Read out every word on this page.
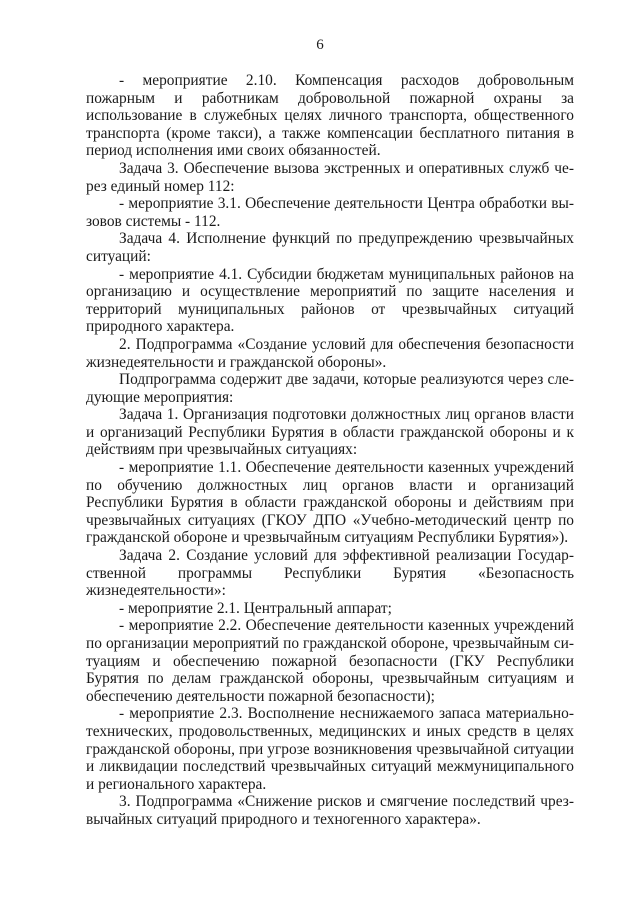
6

- мероприятие 2.10. Компенсация расходов добровольным пожарным и работникам добровольной пожарной охраны за использование в служебных целях личного транспорта, общественного транспорта (кроме такси), а также компенсации бесплатного питания в период исполнения ими своих обязанностей.

Задача 3. Обеспечение вызова экстренных и оперативных служб через единый номер 112:

- мероприятие 3.1. Обеспечение деятельности Центра обработки вызовов системы - 112.

Задача 4. Исполнение функций по предупреждению чрезвычайных ситуаций:

- мероприятие 4.1. Субсидии бюджетам муниципальных районов на организацию и осуществление мероприятий по защите населения и территорий муниципальных районов от чрезвычайных ситуаций природного характера.

2. Подпрограмма «Создание условий для обеспечения безопасности жизнедеятельности и гражданской обороны».

Подпрограмма содержит две задачи, которые реализуются через следующие мероприятия:

Задача 1. Организация подготовки должностных лиц органов власти и организаций Республики Бурятия в области гражданской обороны и к действиям при чрезвычайных ситуациях:

- мероприятие 1.1. Обеспечение деятельности казенных учреждений по обучению должностных лиц органов власти и организаций Республики Бурятия в области гражданской обороны и действиям при чрезвычайных ситуациях (ГКОУ ДПО «Учебно-методический центр по гражданской обороне и чрезвычайным ситуациям Республики Бурятия»).

Задача 2. Создание условий для эффективной реализации Государственной программы Республики Бурятия «Безопасность жизнедеятельности»:

- мероприятие 2.1. Центральный аппарат;

- мероприятие 2.2. Обеспечение деятельности казенных учреждений по организации мероприятий по гражданской обороне, чрезвычайным ситуациям и обеспечению пожарной безопасности (ГКУ Республики Бурятия по делам гражданской обороны, чрезвычайным ситуациям и обеспечению деятельности пожарной безопасности);

- мероприятие 2.3. Восполнение неснижаемого запаса материально-технических, продовольственных, медицинских и иных средств в целях гражданской обороны, при угрозе возникновения чрезвычайной ситуации и ликвидации последствий чрезвычайных ситуаций межмуниципального и регионального характера.

3. Подпрограмма «Снижение рисков и смягчение последствий чрезвычайных ситуаций природного и техногенного характера».
